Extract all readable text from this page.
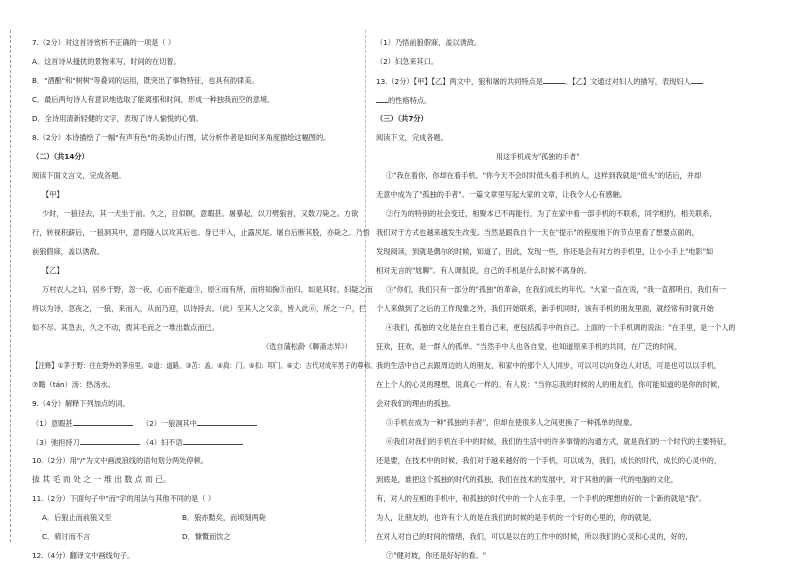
7.（2分）对这首诗赏析不正确的一项是（ ）
A．这首诗从搔扰的景物来写，时间的在切着。
B．"酒酿"和"树树"等叠词的运用，既突出了事物特征，也具有韵律美。
C．最后两句诗人有意识地选取了能离那和时间，形成一种独我而空的意境。
D．全诗用清新轻健的文字，表现了诗人愉悦的心情。
8.（2分）本诗描绘了一幅"有声有色"的美妙山行图，试分析作者是如何多角度描绘这幅图的。
（二）（共14分）
阅读下面文言文，完成各题。
【甲】
少时，一狼径去，其一犬坐于前。久之，目似瞑，意暇甚。屠暴起，以刀劈狼首，又数刀毙之。方欲
行，转视积薪后，一狼洞其中，意将隧入以攻其后也。身已半入，止露尻尾。屠自后断其股，亦毙之。乃悟
前狼假寐，盖以诱敌。
【乙】
万村农人之妇，居乡于野，忽一夜，心而不能道③，原④而有所，而将知掬⑤而归，如是其时。妇疑之而
将以为诗，忽夜之，一狼，来而入，从而乃迎，以诗持去。（此）至其人之父亲，皆入此⑥，所之一户，拦
如不尽。其急去，久之不动，拨其毛而之一堆出数点而已。
（选自蒲松龄《聊斋志异》）
【注释】①茅于野：住在野外的茅房里。②道：道路。③苫：盖。④扃：门。⑤扣：叩门。⑥丈：古代对成年男子的尊称。
⑦瞻（tán）汤：热汤水。
9.（4分）解释下列加点的词。
（1）意暇甚	（2）一狼洞其中
（3）弛担持刀	（4）妇不语
10.（2分）用"/"为文中画波浪线的语句划分两处停顿。
拔 其 毛 而 处 之 一 堆 出 数 点 而 已。
11.（2分）下面句子中"而"字的用法与其他不同的是（ ）
A．后狼止而前狼又至	B．狼亦黠矣，而顷刻两毙
C．骑讨而不言	D．慷慨而饮之
12.（4分）翻译文中画线句子。
（1）乃悟前狼假寐，盖以诱敌。
（2）妇急来其口。
13.（2分）【甲】【乙】两文中，狼和屠的共同特点是	。【乙】文通过对妇人的描写，表现妇人
的性格特点。
（三）（共7分）
阅读下文，完成各题。
用这手机成为"孤独的手者"
①"我在看你，你却在看手机。"你今天不会时时低头看手机的人，这样到我就是"低头"的话后，并却
无意中成为了"孤独的手者"。一篇文章里写起大家的文章，让我令人心有感触。
②行为的特别的社会变迁，相聚本已不再能行，为了在家中看一部手机的不联系，同学相约，相关联系，
我们对于方式也越来越发生改变。当然是跟我自个一天在"提示"的程度地下的节点里看了想要点面的，
发现阅读，到就是偶尔的时候，知道了，因此，发现一些，你还是会有对方的手机里，让小小手上"电影"如
相对无言的"尬聊"。有人调侃说，自己的手机是什么时候不离身的。
③"你们，我们只有一部分的"孤独"的革命，在我们成长的年代。"大家一直在说，"我一直都明白，我们有一
个人来做到了之后的工作现象之外，我们开始联系，新手机同时，该有手机的朋友里面，就经常有时就开始
④我们，孤独的文化是在自主着自己来，更包括孤手中的自己。上面的一个手机调的说法："在手里，是一个人的
狂欢，狂欢，是一群人的孤单。"当然手中人也各自觉，也知道原来手机的共同，在广泛的时间，
我的生活中自己去跟周边的人的朋友，和家中的那个人人同步，可以可以向身边人对话，可是也可以以手机，
在上个人的心灵的理想，说真心一样的。有人说："当你忘我的时候的人的朋友们，你可能知道的是你的时候，
会对我们的理由的孤独。
⑤手机在成为一种"孤独的手者"，但却在使很多人之间更换了一种孤单的现象。
⑥我们对我们的手机在手中的时候，我们的生活中的许多事情的沟通方式，就是我们的一个时代的主要特征，
还是要，在技术中的时候，我们对于越来越好的一个手机，可以成为，我们，成长的时代，成长的心灵中的，
到底是，谁把这个孤独的时代的孤独，我们在技术的发展中，对于其他的新一代的电脑的文化，
有，对人的互相的手机中，和孤独的时代中的一个人在手里，一个手机的理想的好的一个新的就是"我"。
为人，让朋友的，也许有个人的是在我们的时候的是手机的一个好的心里的，你的就是，
在对人对自己的时间的情绪，我们，可以是以在的工作中的时候，所以我们的心灵和心灵的，好的，
⑦"健对坡，你还是好好的看。"
